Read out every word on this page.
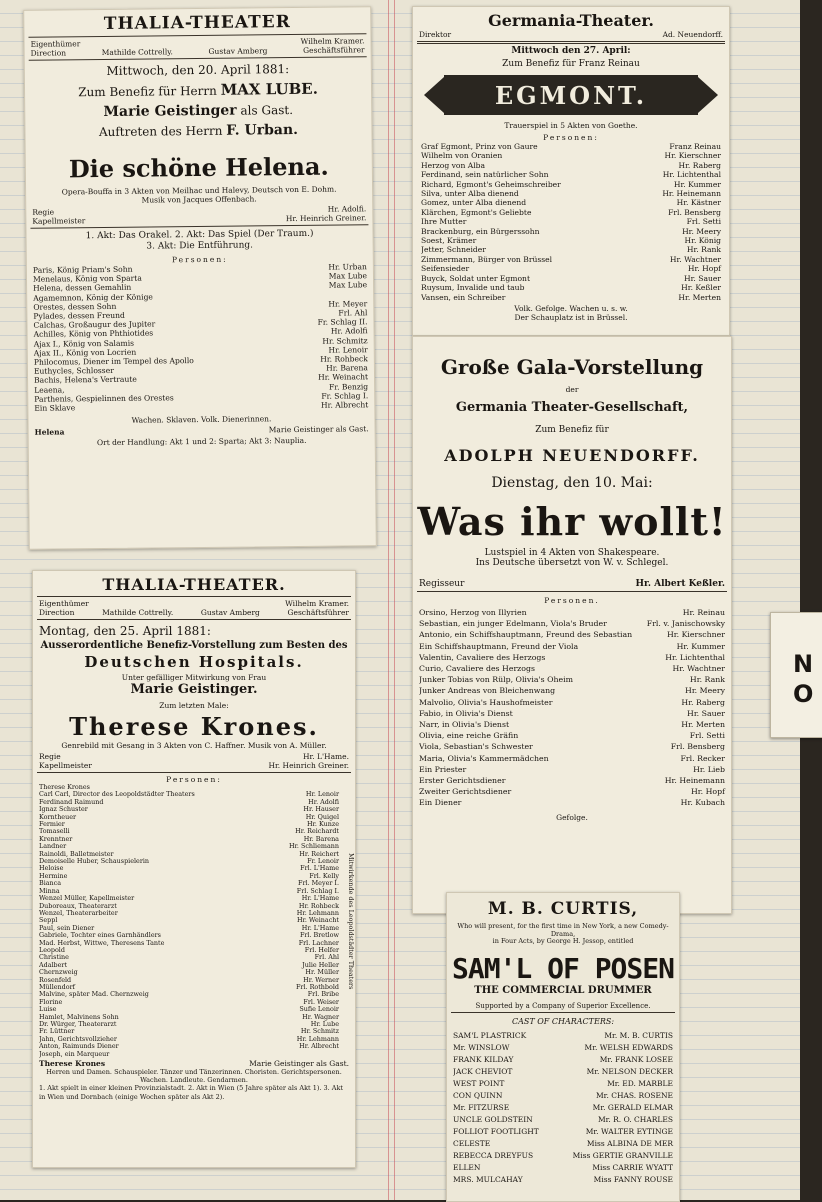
THALIA-THEATER
Eigenthümer	Wilhelm Kramer.
Direction	Mathilde Cottrelly.	Gustav Amberg	Geschäftsführer
Mittwoch, den 20. April 1881:
Zum Benefiz für Herrn MAX LUBE.
Marie Geistinger als Gast.
Auftreten des Herrn F. Urban.
Die schöne Helena.
Opera-Bouffa in 3 Akten von Meilhac und Halevy, Deutsch von E. Dohm.
Musik von Jacques Offenbach.
Regie	Hr. Adolfi.
Kapellmeister	Hr. Heinrich Greiner.
1. Akt: Das Orakel. 2. Akt: Das Spiel (Der Traum.)
3. Akt: Die Entführung.
Personen:
Paris, König Priam's Sohn	Hr. Urban
Menelaus, König von Sparta	Max Lube
Helena, dessen Gemahlin	Max Lube
Agamemnon, König der Könige
Orestes, dessen Sohn	Hr. Meyer
Pylades, dessen Freund	Frl. Ahl
Calchas, Großaugur des Jupiter	Fr. Schlag II.
Achilles, König von Phthiotides	Hr. Adolfi
Ajax I., König von Salamis	Hr. Schmitz
Ajax II., König von Locrien	Hr. Lenoir
Philocomus, Diener im Tempel des Apollo	Hr. Rohbeck
Euthycles, Schlosser	Hr. Barena
Bachis, Helena's Vertraute	Hr. Weinacht
Leaena,	Fr. Benzig
Parthenis, Gespielinnen des Orestes	Fr. Schlag I.
Ein Sklave	Hr. Albrecht
Wachen. Sklaven. Volk. Dienerinnen.
Helena	Marie Geistinger als Gast.
Ort der Handlung: Akt 1 und 2: Sparta; Akt 3: Nauplia.
THALIA-THEATER.
Eigenthümer	Wilhelm Kramer.
Direction	Mathilde Cottrelly.	Gustav Amberg	Geschäftsführer
Montag, den 25. April 1881:
Ausserordentliche Benefiz-Vorstellung zum Besten des
Deutschen Hospitals.
Unter gefälliger Mitwirkung von Frau
Marie Geistinger.
Zum letzten Male:
Therese Krones.
Genrebild mit Gesang in 3 Akten von C. Haffner. Musik von A. Müller.
Regie	Hr. L'Hame.
Kapellmeister	Hr. Heinrich Greiner.
Personen:
Therese Krones
Carl Carl, Director des Leopoldstädter Theaters	Hr. Lenoir
Ferdinand Raimund	Hr. Adolfi
Ignaz Schuster	Hr. Hauser
Korntheuer	Hr. Quigel
Fermier	Hr. Kunze
Tomaselli	Hr. Reichardt
Krenntner	Hr. Barena
Landner	Hr. Schliemann
Rainoldi, Balletmeister	Hr. Reichert
Demoiselle Huber, Schauspielerin	Fr. Lenoir
Heloise	Frl. L'Hame
Hermine	Frl. Kelly
Bianca	Frl. Meyer I.
Minna	Frl. Schlag I.
Wenzel Müller, Kapellmeister	Hr. L'Hame
Duboreaux, Theaterarzt	Hr. Rohbeck
Wenzel, Theaterarbeiter	Hr. Lehmann
Seppl	Hr. Weinacht
Paul, sein Diener	Hr. L'Hame
Gabriele, Tochter eines Garnhändlers	Frl. Bretlow
Mad. Herbst, Wittwe, Theresens Tante	Frl. Lachner
Leopold	Frl. Helfer
Christine	Frl. Ahl
Adalbert	Julie Heller
Chernzweig	Hr. Müller
Rosenfeld	Hr. Werner
Müllendorf	Frl. Rothbold
Malvine, später Mad. Chernzweig	Frl. Bribe
Florine	Frl. Weiser
Luise	Sufie Lenoir
Hamlet, Malvinens Sohn	Hr. Wagner
Dr. Würger, Theaterarzt	Hr. Lube
Fr. Lüttner	Hr. Schmitz
Jahn, Gerichtsvollzieher	Hr. Lehmann
Anton, Raimunds Diener	Hr. Albrecht
Joseph, ein Marqueur
Mitwirkende des Leopoldstädter Theaters
Therese Krones	Marie Geistinger als Gast.
Herren und Damen. Schauspieler. Tänzer und Tänzerinnen. Choristen. Gerichtspersonen.
Wachen. Landleute. Gendarmen.
1. Akt spielt in einer kleinen Provinzialstadt. 2. Akt in Wien (5 Jahre später als Akt 1). 3. Akt
in Wien und Dornbach (einige Wochen später als Akt 2).
Germania-Theater.
Direktor	Ad. Neuendorff.
Mittwoch den 27. April:
Zum Benefiz für Franz Reinau
EGMONT.
Trauerspiel in 5 Akten von Goethe.
Personen:
Graf Egmont, Prinz von Gaure	Franz Reinau
Wilhelm von Oranien	Hr. Kierschner
Herzog von Alba	Hr. Raberg
Ferdinand, sein natürlicher Sohn	Hr. Lichtenthal
Richard, Egmont's Geheimschreiber	Hr. Kummer
Silva, unter Alba dienend	Hr. Heinemann
Gomez, unter Alba dienend	Hr. Kästner
Klärchen, Egmont's Geliebte	Frl. Bensberg
Ihre Mutter	Frl. Setti
Brackenburg, ein Bürgerssohn	Hr. Meery
Soest, Krämer	Hr. König
Jetter, Schneider	Hr. Rank
Zimmermann, Bürger von Brüssel	Hr. Wachtner
Seifensieder	Hr. Hopf
Buyck, Soldat unter Egmont	Hr. Sauer
Ruysum, Invalide und taub	Hr. Keßler
Vansen, ein Schreiber	Hr. Merten
Volk. Gefolge. Wachen u. s. w.
Der Schauplatz ist in Brüssel.
Große Gala-Vorstellung
der
Germania Theater-Gesellschaft,
Zum Benefiz für
ADOLPH NEUENDORFF.
Dienstag, den 10. Mai:
Was ihr wollt!
Lustspiel in 4 Akten von Shakespeare.
Ins Deutsche übersetzt von W. v. Schlegel.
Regisseur	Hr. Albert Keßler.
Personen.
Orsino, Herzog von Illyrien	Hr. Reinau
Sebastian, ein junger Edelmann, Viola's Bruder	Frl. v. Janischowsky
Antonio, ein Schiffshauptmann, Freund des Sebastian	Hr. Kierschner
Ein Schiffshauptmann, Freund der Viola	Hr. Kummer
Valentin, Cavaliere des Herzogs	Hr. Lichtenthal
Curio, Cavaliere des Herzogs	Hr. Wachtner
Junker Tobias von Rülp, Olivia's Oheim	Hr. Rank
Junker Andreas von Bleichenwang	Hr. Meery
Malvolio, Olivia's Haushofmeister	Hr. Raberg
Fabio, in Olivia's Dienst	Hr. Sauer
Narr, in Olivia's Dienst	Hr. Merten
Olivia, eine reiche Gräfin	Frl. Setti
Viola, Sebastian's Schwester	Frl. Bensberg
Maria, Olivia's Kammermädchen	Frl. Recker
Ein Priester	Hr. Lieb
Erster Gerichtsdiener	Hr. Heinemann
Zweiter Gerichtsdiener	Hr. Hopf
Ein Diener	Hr. Kubach
Gefolge.
M. B. CURTIS,
Who will present, for the first time in New York, a new Comedy-Drama,
in Four Acts, by George H. Jessop, entitled
SAM'L OF POSEN
THE COMMERCIAL DRUMMER
Supported by a Company of Superior Excellence.
CAST OF CHARACTERS:
SAM'L PLASTRICK	Mr. M. B. CURTIS
Mr. WINSLOW	Mr. WELSH EDWARDS
FRANK KILDAY	Mr. FRANK LOSEE
JACK CHEVIOT	Mr. NELSON DECKER
WEST POINT	Mr. ED. MARBLE
CON QUINN	Mr. CHAS. ROSENE
Mr. FITZURSE	Mr. GERALD ELMAR
UNCLE GOLDSTEIN	Mr. R. O. CHARLES
FOLLIOT FOOTLIGHT	Mr. WALTER EYTINGE
CELESTE	Miss ALBINA DE MER
REBECCA DREYFUS	Miss GERTIE GRANVILLE
ELLEN	Miss CARRIE WYATT
MRS. MULCAHAY	Miss FANNY ROUSE
N
O
